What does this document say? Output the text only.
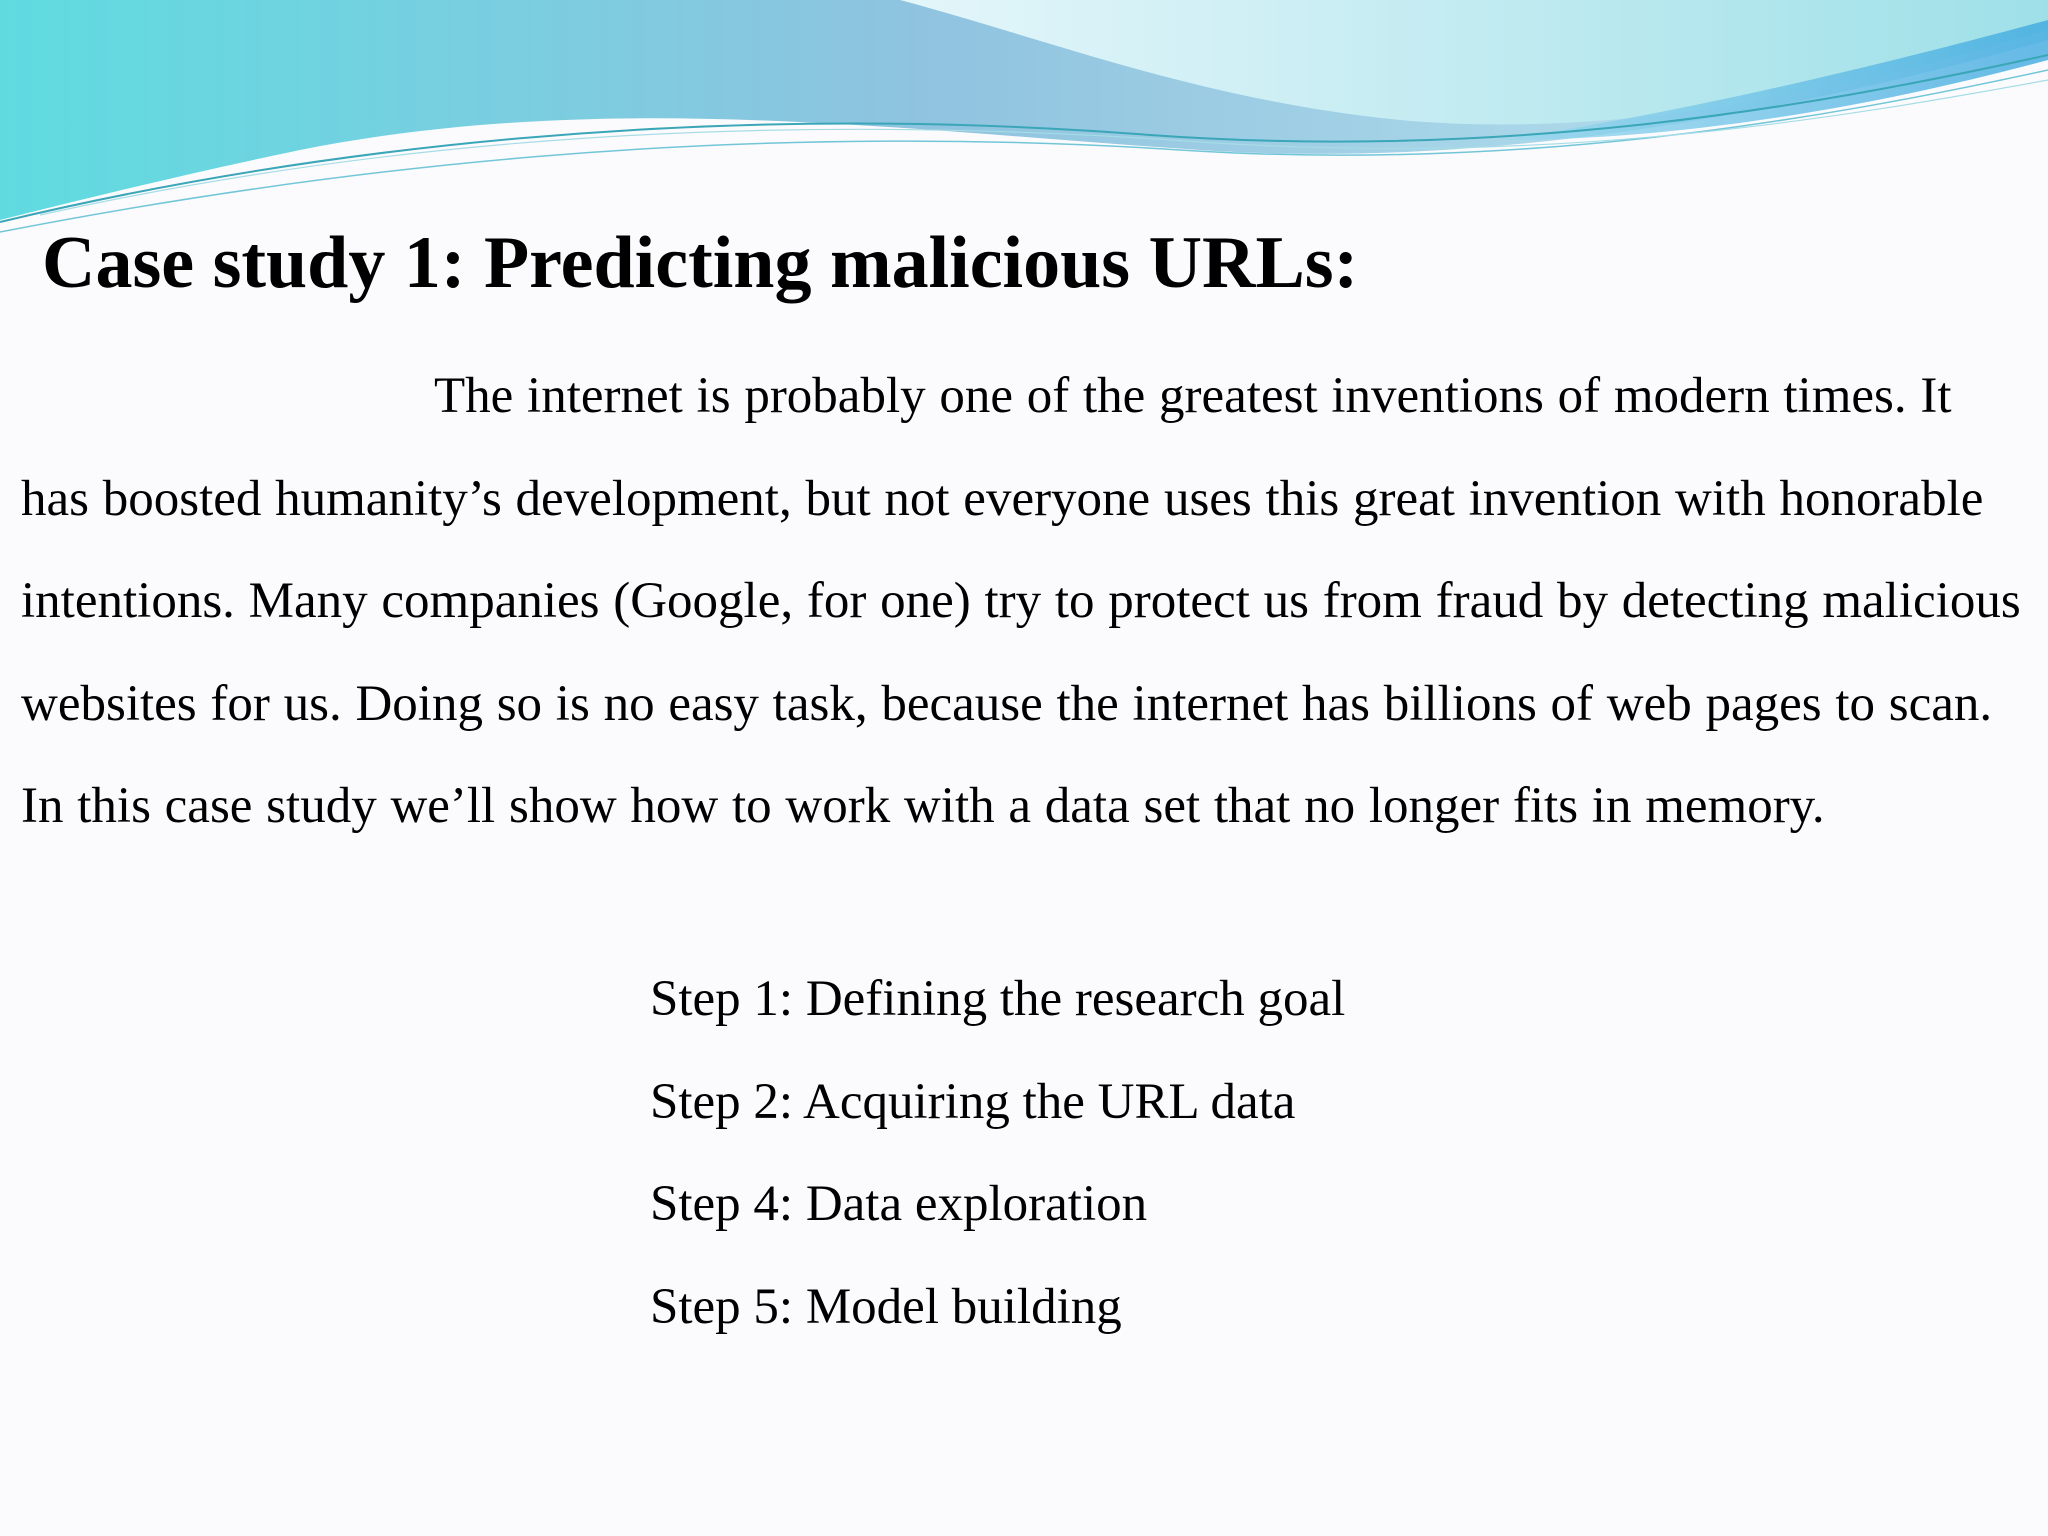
Case study 1: Predicting malicious URLs:

The internet is probably one of the greatest inventions of modern times. It has boosted humanity’s development, but not everyone uses this great invention with honorable intentions. Many companies (Google, for one) try to protect us from fraud by detecting malicious websites for us. Doing so is no easy task, because the internet has billions of web pages to scan. In this case study we’ll show how to work with a data set that no longer fits in memory.

Step 1: Defining the research goal
Step 2: Acquiring the URL data
Step 4: Data exploration
Step 5: Model building
